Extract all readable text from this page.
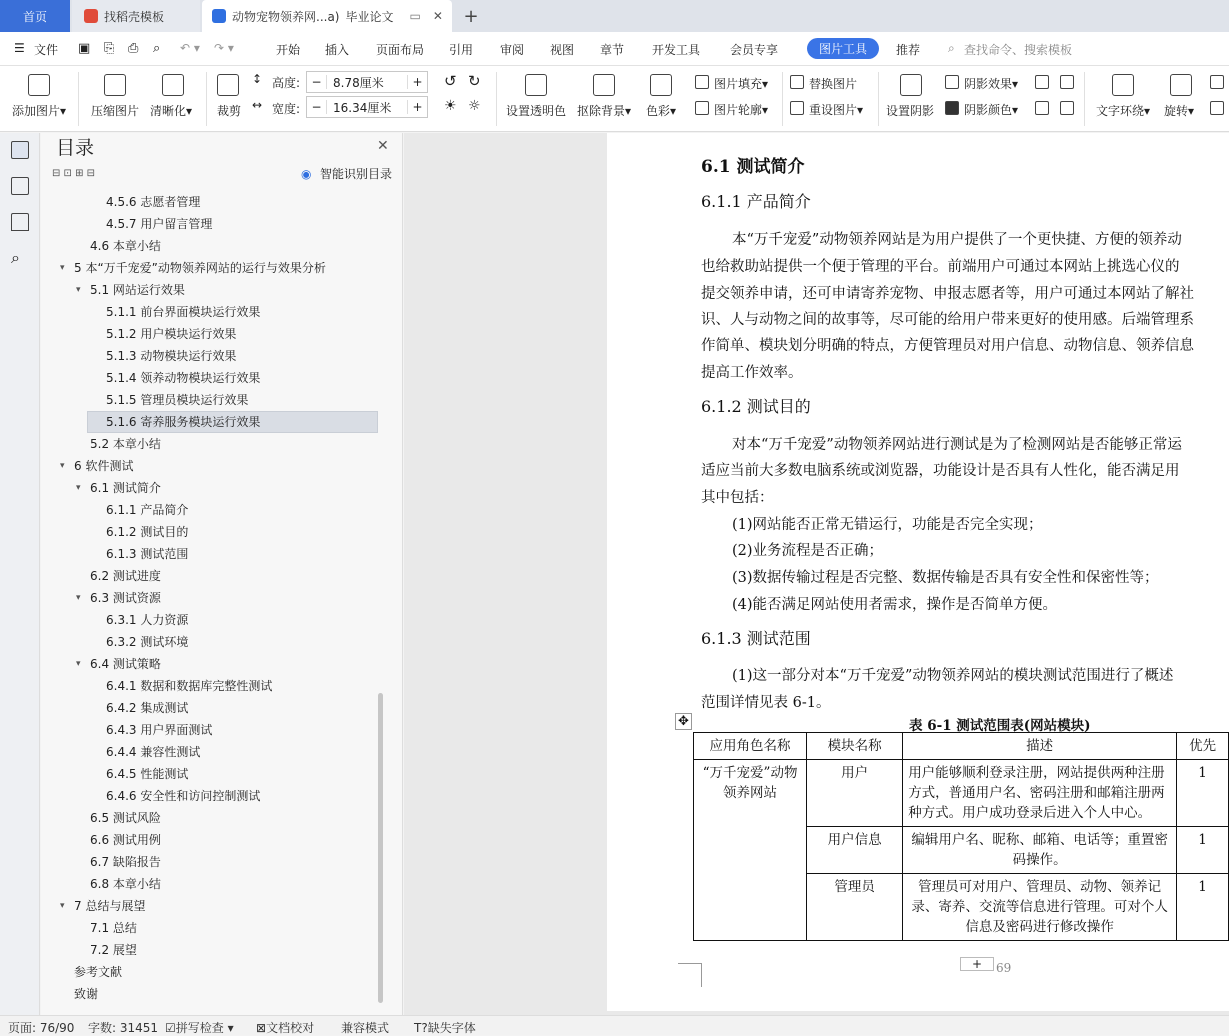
首页	找稻壳模板	动物宠物领养网...a) 毕业论文 ▭ ✕ +
☰ 文件 ▣ ⎘ ⎙ ⌕ ↶ ▾ ↷ ▾	开始 插入 页面布局 引用 审阅 视图 章节 开发工具 会员专享	图片工具	推荐 ⌕ 查找命令、搜索模板
添加图片▾ 压缩图片 清晰化▾ 裁剪
↕ 高度: − 8.78厘米	+
↔ 宽度: − 16.34厘米	+
↺ ↻
☀ ☼ 设置透明色 抠除背景▾ 色彩▾
图片填充▾
图片轮廓▾
替换图片
重设图片▾ 设置阴影
阴影效果▾
阴影颜色▾	文字环绕▾ 旋转▾
⌕
目录	✕
⊟ ⊡ ⊞ ⊟	◉ 智能识别目录
4.5.6 志愿者管理
4.5.7 用户留言管理
4.6 本章小结
▾ 5 本“万千宠爱”动物领养网站的运行与效果分析
▾ 5.1 网站运行效果
5.1.1 前台界面模块运行效果
5.1.2 用户模块运行效果
5.1.3 动物模块运行效果
5.1.4 领养动物模块运行效果
5.1.5 管理员模块运行效果
5.1.6 寄养服务模块运行效果
5.2 本章小结
▾ 6 软件测试
▾ 6.1 测试简介
6.1.1 产品简介
6.1.2 测试目的
6.1.3 测试范围
6.2 测试进度
▾ 6.3 测试资源
6.3.1 人力资源
6.3.2 测试环境
▾ 6.4 测试策略
6.4.1 数据和数据库完整性测试
6.4.2 集成测试
6.4.3 用户界面测试
6.4.4 兼容性测试
6.4.5 性能测试
6.4.6 安全性和访问控制测试
6.5 测试风险
6.6 测试用例
6.7 缺陷报告
6.8 本章小结
▾ 7 总结与展望
7.1 总结
7.2 展望
参考文献
致谢
6.1 测试简介
6.1.1 产品简介
本“万千宠爱”动物领养网站是为用户提供了一个更快捷、方便的领养动
也给救助站提供一个便于管理的平台。前端用户可通过本网站上挑选心仪的
提交领养申请，还可申请寄养宠物、申报志愿者等，用户可通过本网站了解社
识、人与动物之间的故事等，尽可能的给用户带来更好的使用感。后端管理系
作简单、模块划分明确的特点，方便管理员对用户信息、动物信息、领养信息
提高工作效率。
6.1.2 测试目的
对本“万千宠爱”动物领养网站进行测试是为了检测网站是否能够正常运
适应当前大多数电脑系统或浏览器，功能设计是否具有人性化，能否满足用
其中包括：
(1)网站能否正常无错运行，功能是否完全实现；
(2)业务流程是否正确；
(3)数据传输过程是否完整、数据传输是否具有安全性和保密性等；
(4)能否满足网站使用者需求，操作是否简单方便。
6.1.3 测试范围
(1)这一部分对本“万千宠爱”动物领养网站的模块测试范围进行了概述
范围详情见表 6-1。
✥	表 6-1 测试范围表(网站模块)
应用角色名称	模块名称	描述	优先
“万千宠爱”动物领养网站	用户	用户能够顺利登录注册，网站提供两种注册方式，普通用户名、密码注册和邮箱注册两种方式。用户成功登录后进入个人中心。	1
	用户信息	编辑用户名、昵称、邮箱、电话等；重置密码操作。	1
	管理员	管理员可对用户、管理员、动物、领养记录、寄养、交流等信息进行管理。可对个人信息及密码进行修改操作	1
+	69
页面: 76/90 字数: 31451 ☑拼写检查 ▾ ⊠文档校对 兼容模式 T?缺失字体
